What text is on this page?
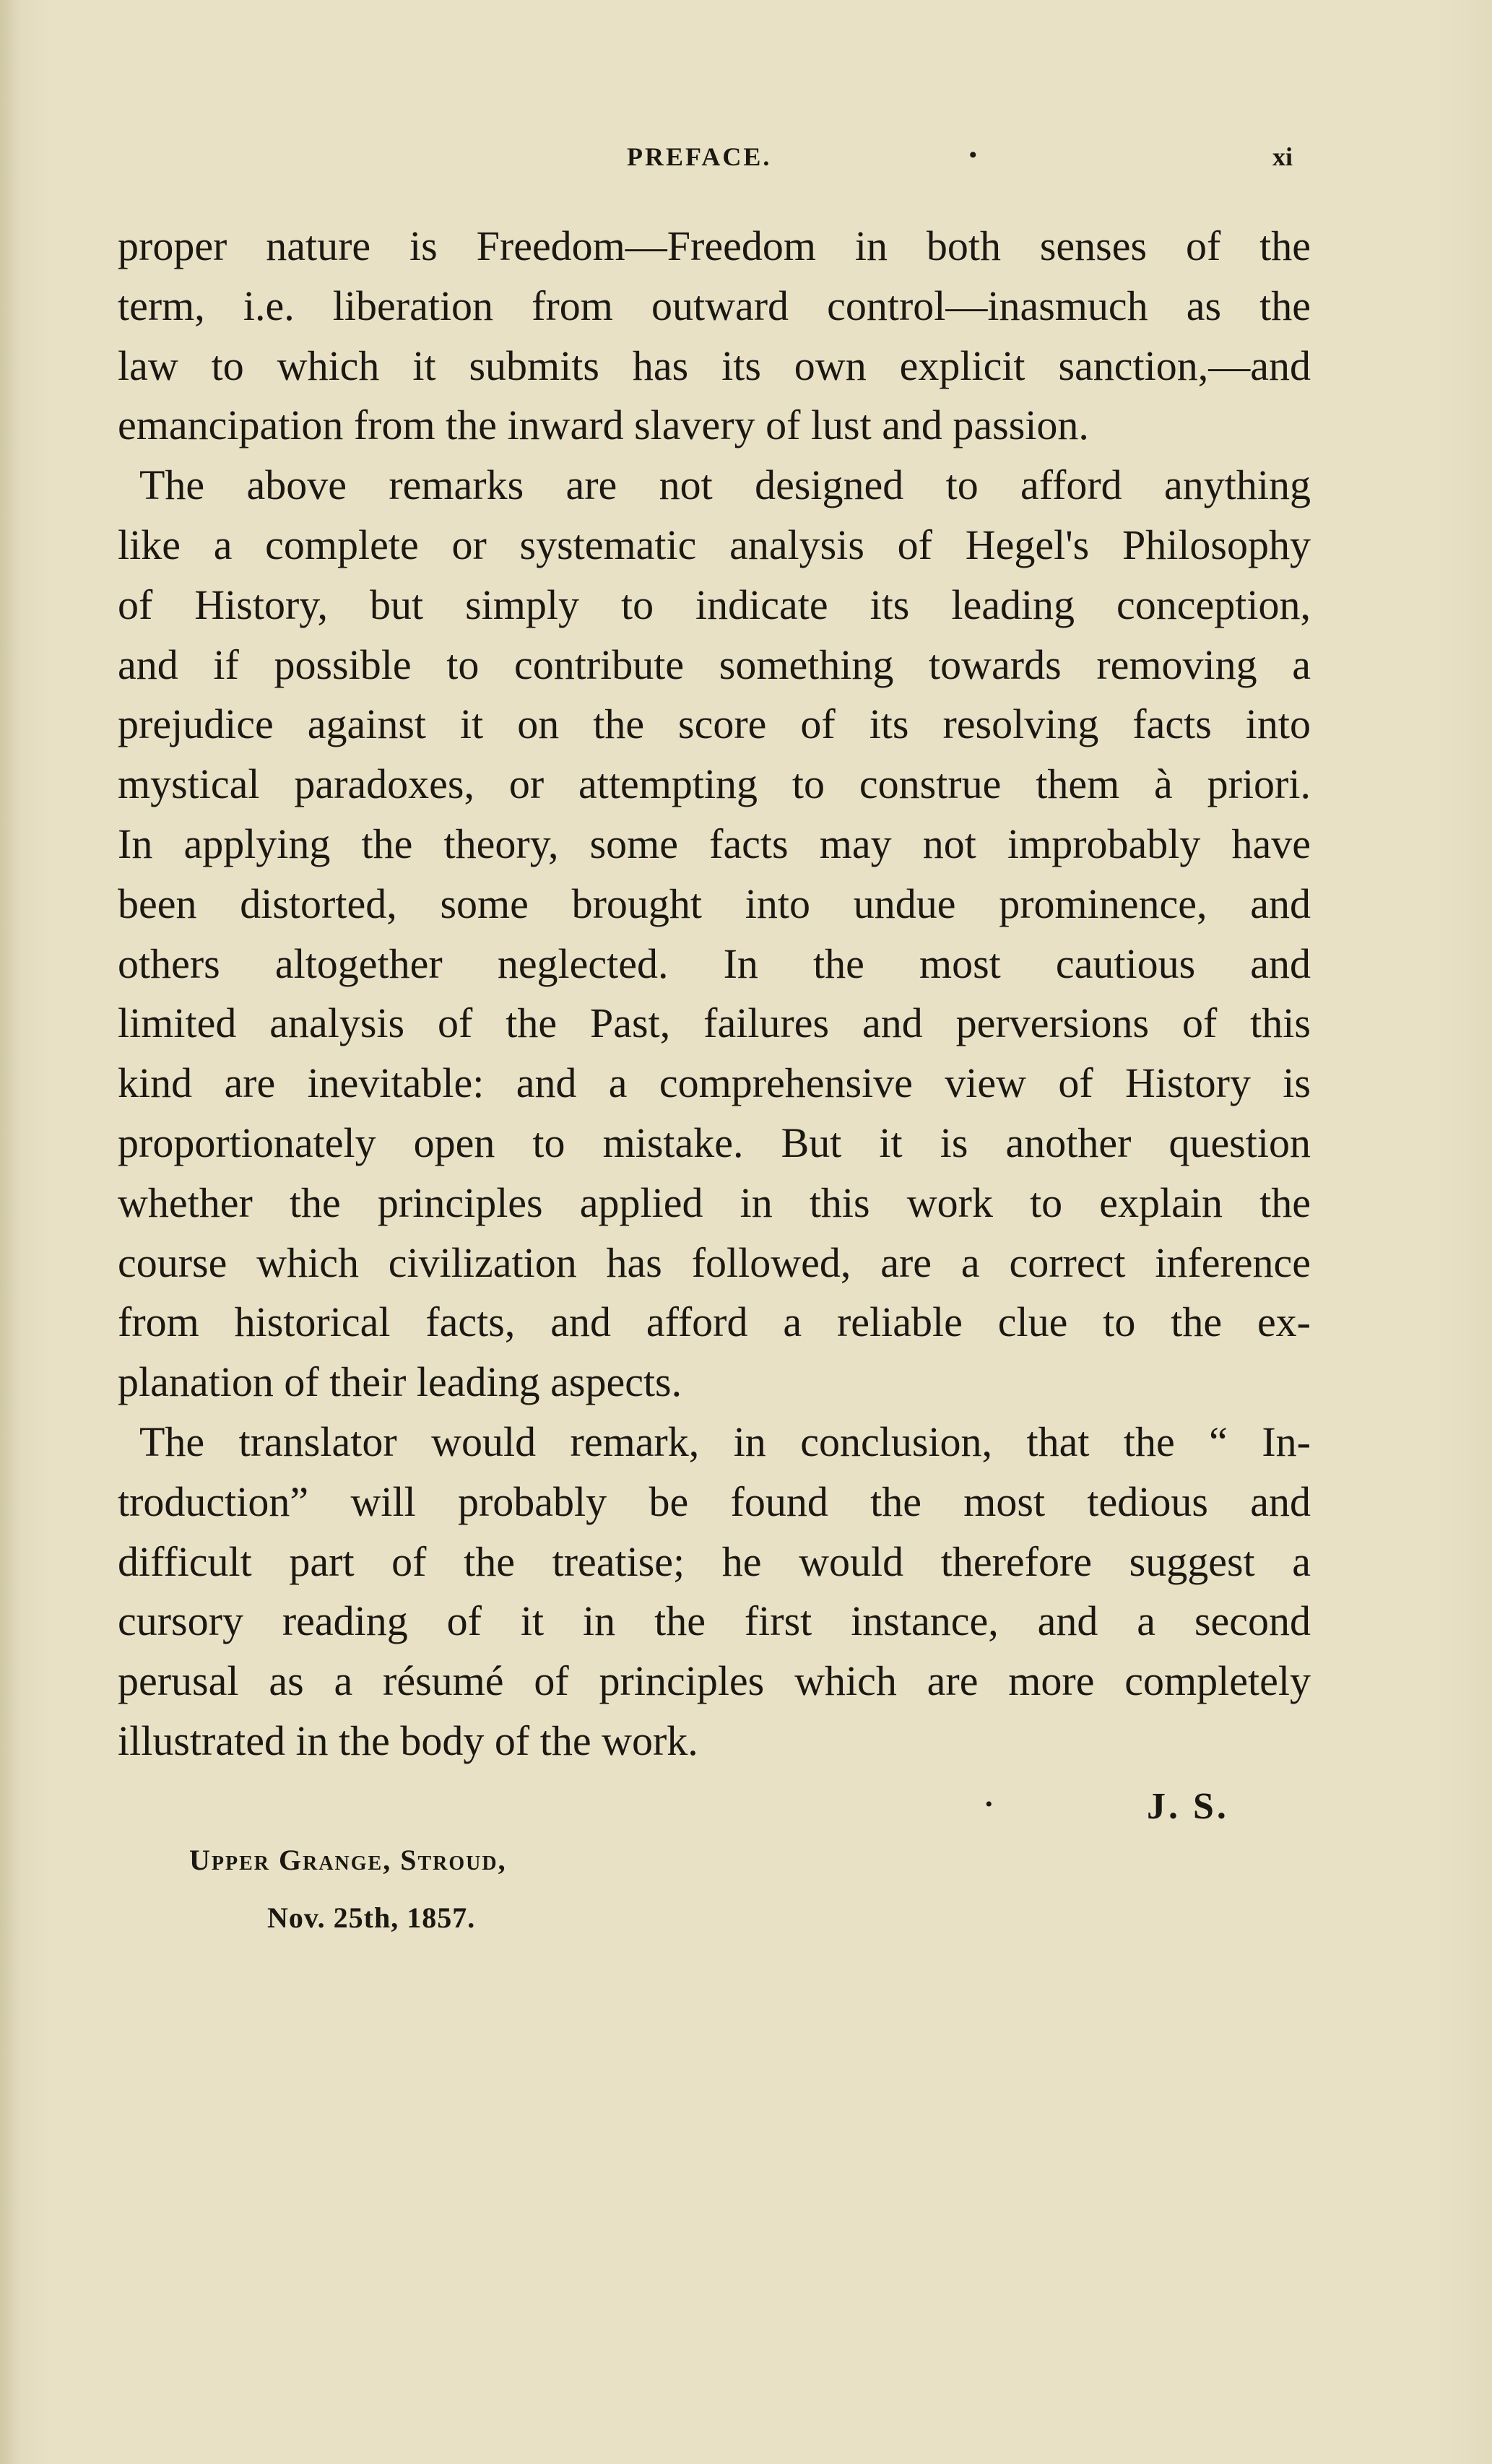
PREFACE.	•	xi
proper nature is Freedom—Freedom in both senses of the
term, i.e. liberation from outward control—inasmuch as the
law to which it submits has its own explicit sanction,—and
emancipation from the inward slavery of lust and passion.
The above remarks are not designed to afford anything
like a complete or systematic analysis of Hegel's Philosophy
of History, but simply to indicate its leading conception,
and if possible to contribute something towards removing a
prejudice against it on the score of its resolving facts into
mystical paradoxes, or attempting to construe them à priori.
In applying the theory, some facts may not improbably have
been distorted, some brought into undue prominence, and
others altogether neglected. In the most cautious and
limited analysis of the Past, failures and perversions of this
kind are inevitable: and a comprehensive view of History is
proportionately open to mistake. But it is another question
whether the principles applied in this work to explain the
course which civilization has followed, are a correct inference
from historical facts, and afford a reliable clue to the ex-
planation of their leading aspects.
The translator would remark, in conclusion, that the “ In-
troduction” will probably be found the most tedious and
difficult part of the treatise; he would therefore suggest a
cursory reading of it in the first instance, and a second
perusal as a résumé of principles which are more completely
illustrated in the body of the work.
•	J. S.
Upper Grange, Stroud,
Nov. 25th, 1857.
